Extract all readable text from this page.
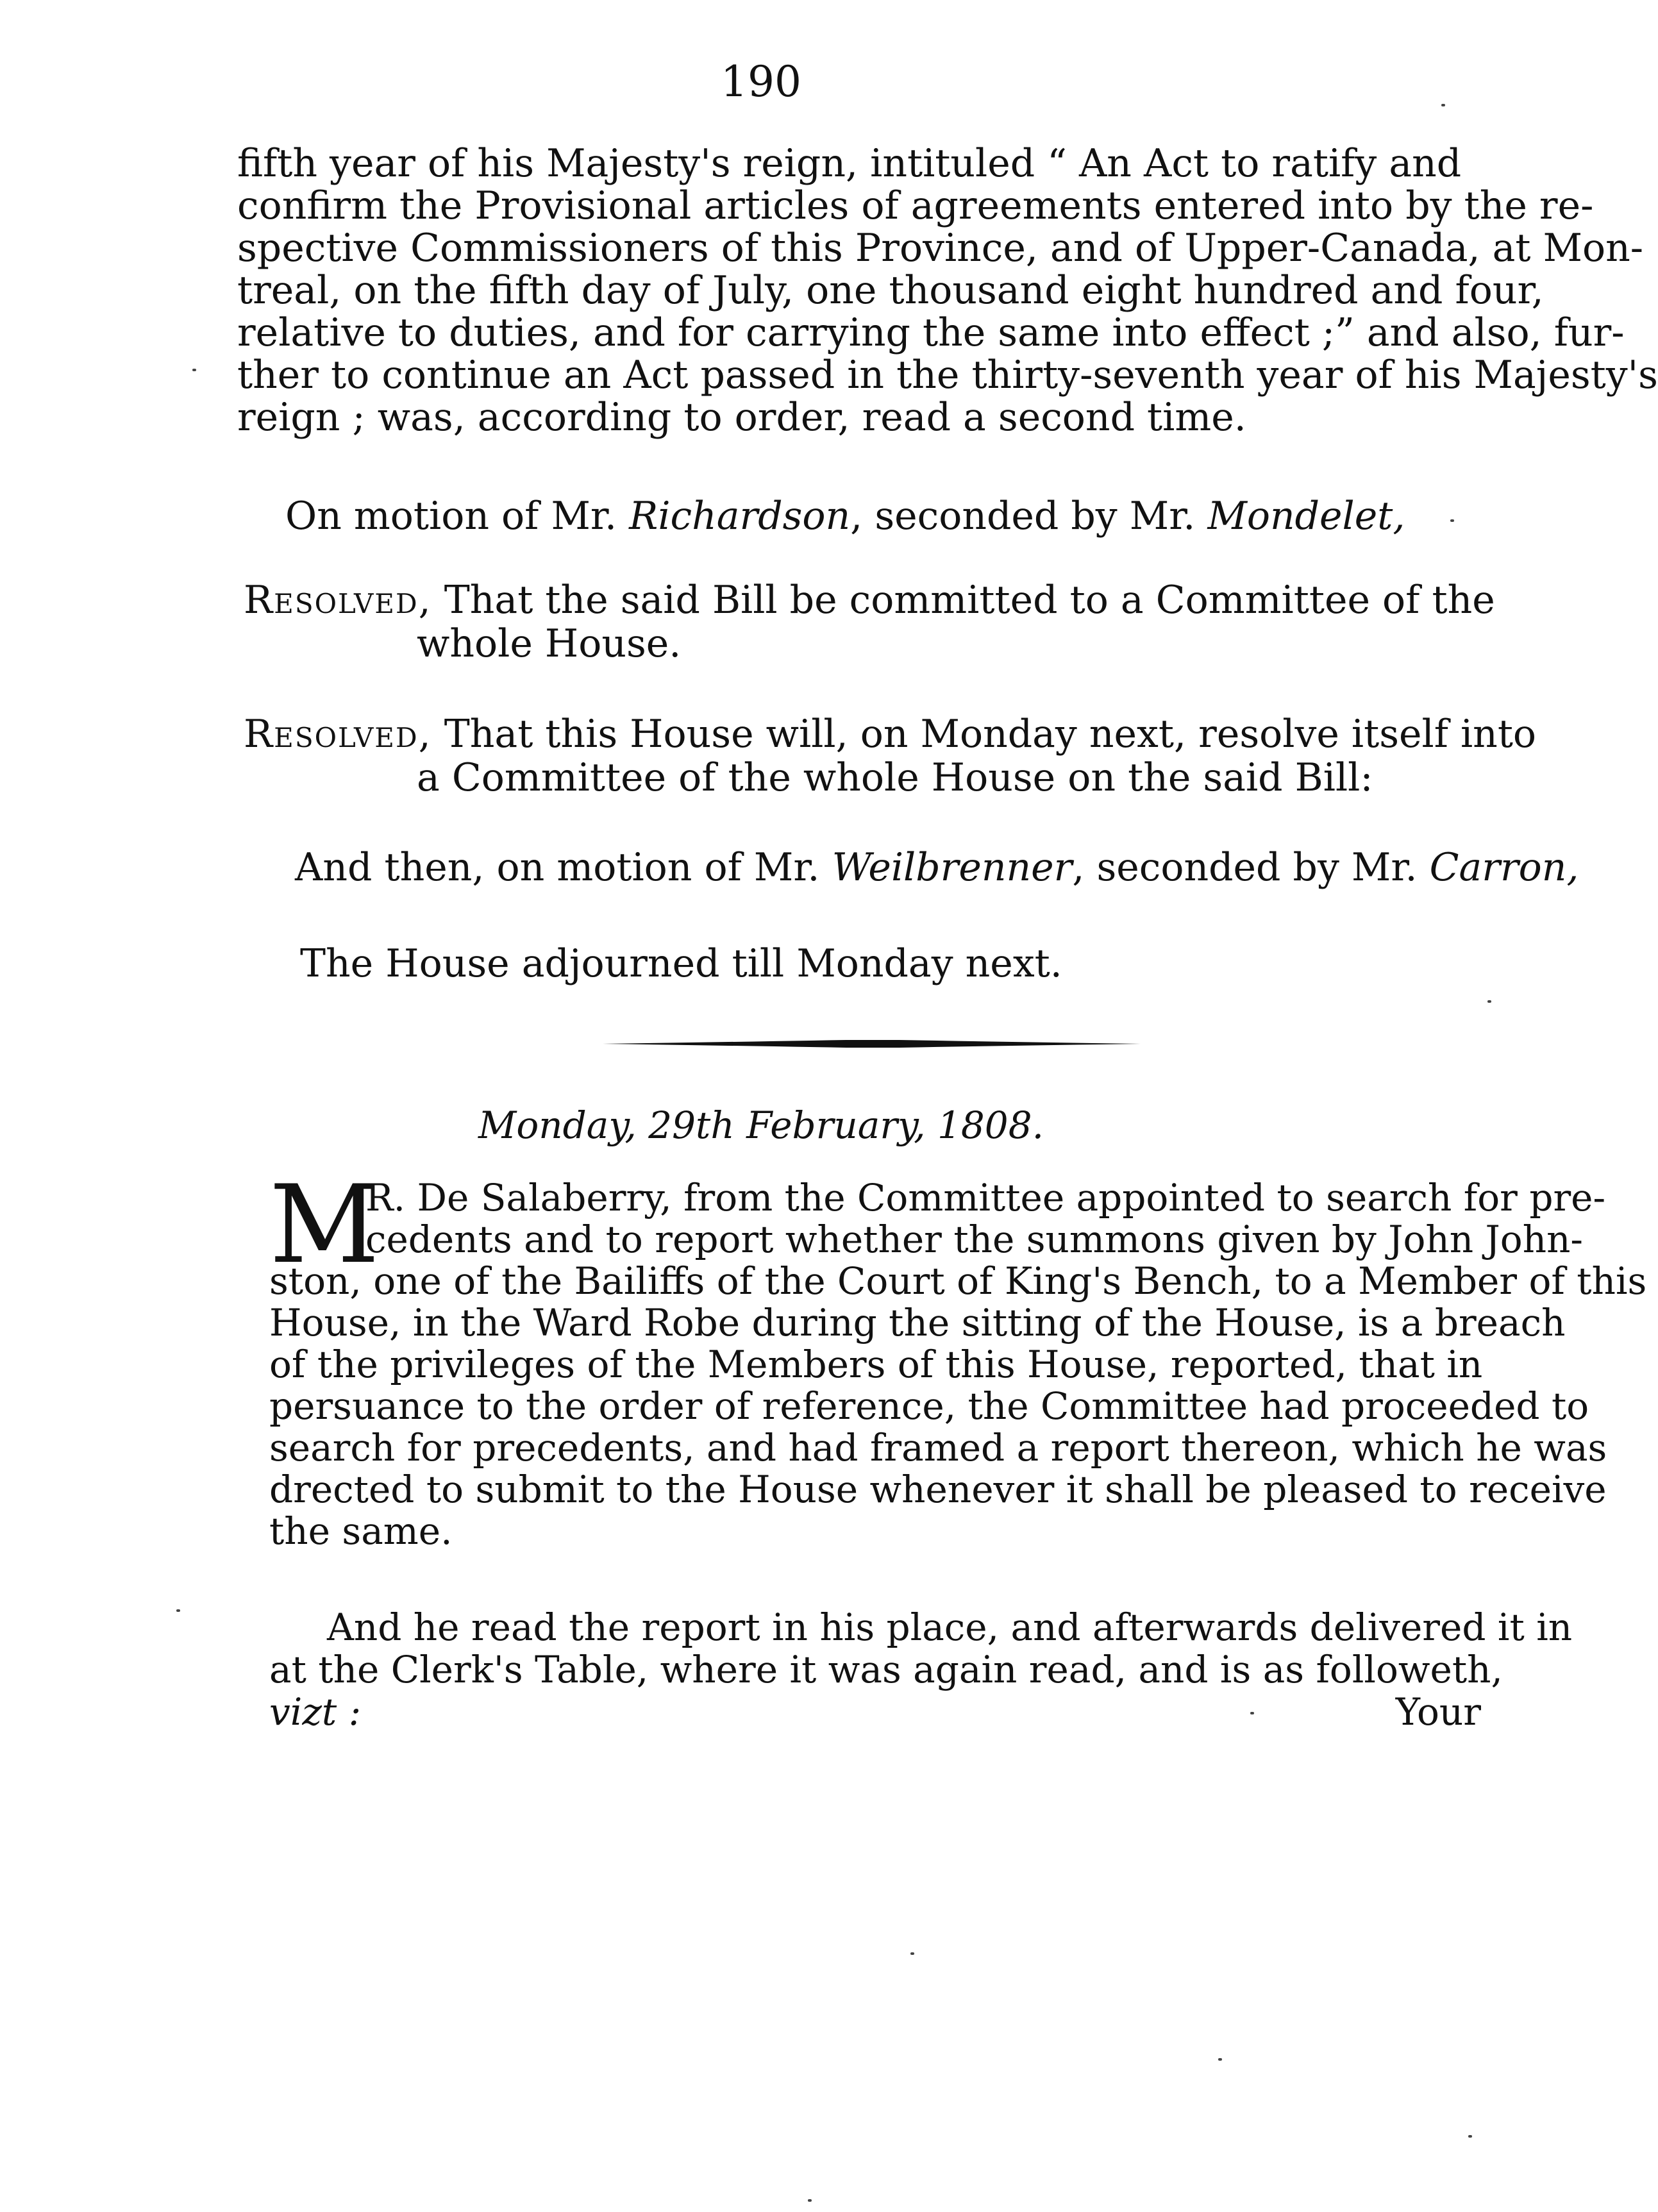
190
fifth year of his Majesty's reign, intituled “ An Act to ratify and
confirm the Provisional articles of agreements entered into by the re-
spective Commissioners of this Province, and of Upper-Canada, at Mon-
treal, on the fifth day of July, one thousand eight hundred and four,
relative to duties, and for carrying the same into effect ;” and also, fur-
ther to continue an Act passed in the thirty-seventh year of his Majesty's
reign ; was, according to order, read a second time.
On motion of Mr. Richardson, seconded by Mr. Mondelet,
Resolved, That the said Bill be committed to a Committee of the
whole House.
Resolved, That this House will, on Monday next, resolve itself into
a Committee of the whole House on the said Bill:
And then, on motion of Mr. Weilbrenner, seconded by Mr. Carron,
The House adjourned till Monday next.
Monday, 29th February, 1808.
M
R. De Salaberry, from the Committee appointed to search for pre-
cedents and to report whether the summons given by John John-
ston, one of the Bailiffs of the Court of King's Bench, to a Member of this
House, in the Ward Robe during the sitting of the House, is a breach
of the privileges of the Members of this House, reported, that in
persuance to the order of reference, the Committee had proceeded to
search for precedents, and had framed a report thereon, which he was
drected to submit to the House whenever it shall be pleased to receive
the same.
And he read the report in his place, and afterwards delivered it in
at the Clerk's Table, where it was again read, and is as followeth,
vizt :	Your
